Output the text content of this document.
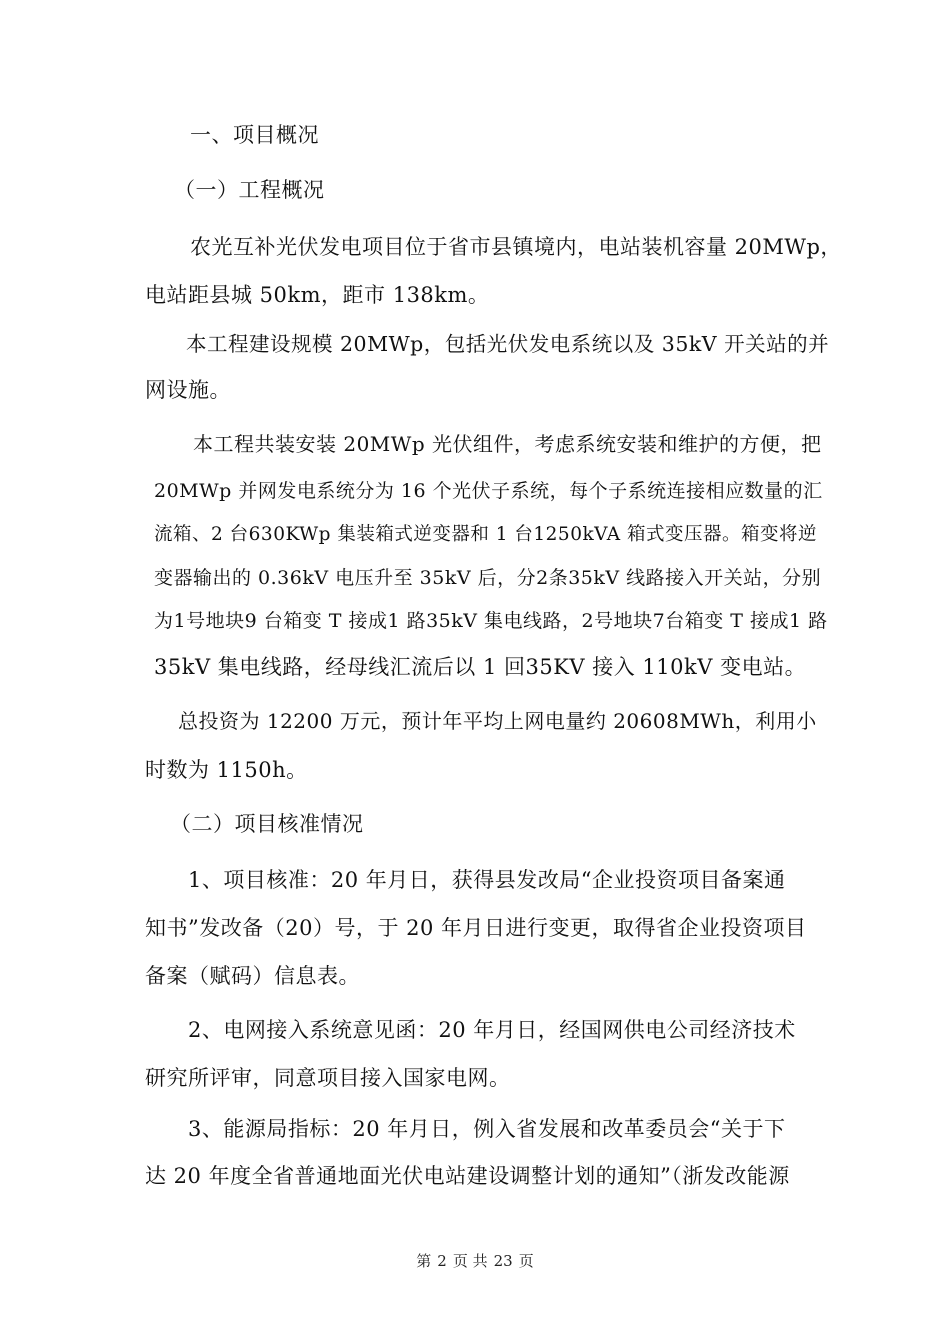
一、项目概况
（一）工程概况
农光互补光伏发电项目位于省市县镇境内，电站装机容量 20MWp，
电站距县城 50km，距市 138km。
本工程建设规模 20MWp，包括光伏发电系统以及 35kV 开关站的并
网设施。
本工程共装安装 20MWp 光伏组件，考虑系统安装和维护的方便，把
20MWp 并网发电系统分为 16 个光伏子系统，每个子系统连接相应数量的汇
流箱、2 台630KWp 集装箱式逆变器和 1 台1250kVA 箱式变压器。箱变将逆
变器输出的 0.36kV 电压升至 35kV 后，分2条35kV 线路接入开关站，分别
为1号地块9 台箱变 T 接成1 路35kV 集电线路，2号地块7台箱变 T 接成1 路
35kV 集电线路，经母线汇流后以 1 回35KV 接入 110kV 变电站。
总投资为 12200 万元，预计年平均上网电量约 20608MWh，利用小
时数为 1150h。
（二）项目核准情况
1、项目核准：20 年月日，获得县发改局“企业投资项目备案通
知书”发改备（20）号，于 20 年月日进行变更，取得省企业投资项目
备案（赋码）信息表。
2、电网接入系统意见函：20 年月日，经国网供电公司经济技术
研究所评审，同意项目接入国家电网。
3、能源局指标：20 年月日，例入省发展和改革委员会“关于下
达 20 年度全省普通地面光伏电站建设调整计划的通知”（浙发改能源
第 2 页 共 23 页
